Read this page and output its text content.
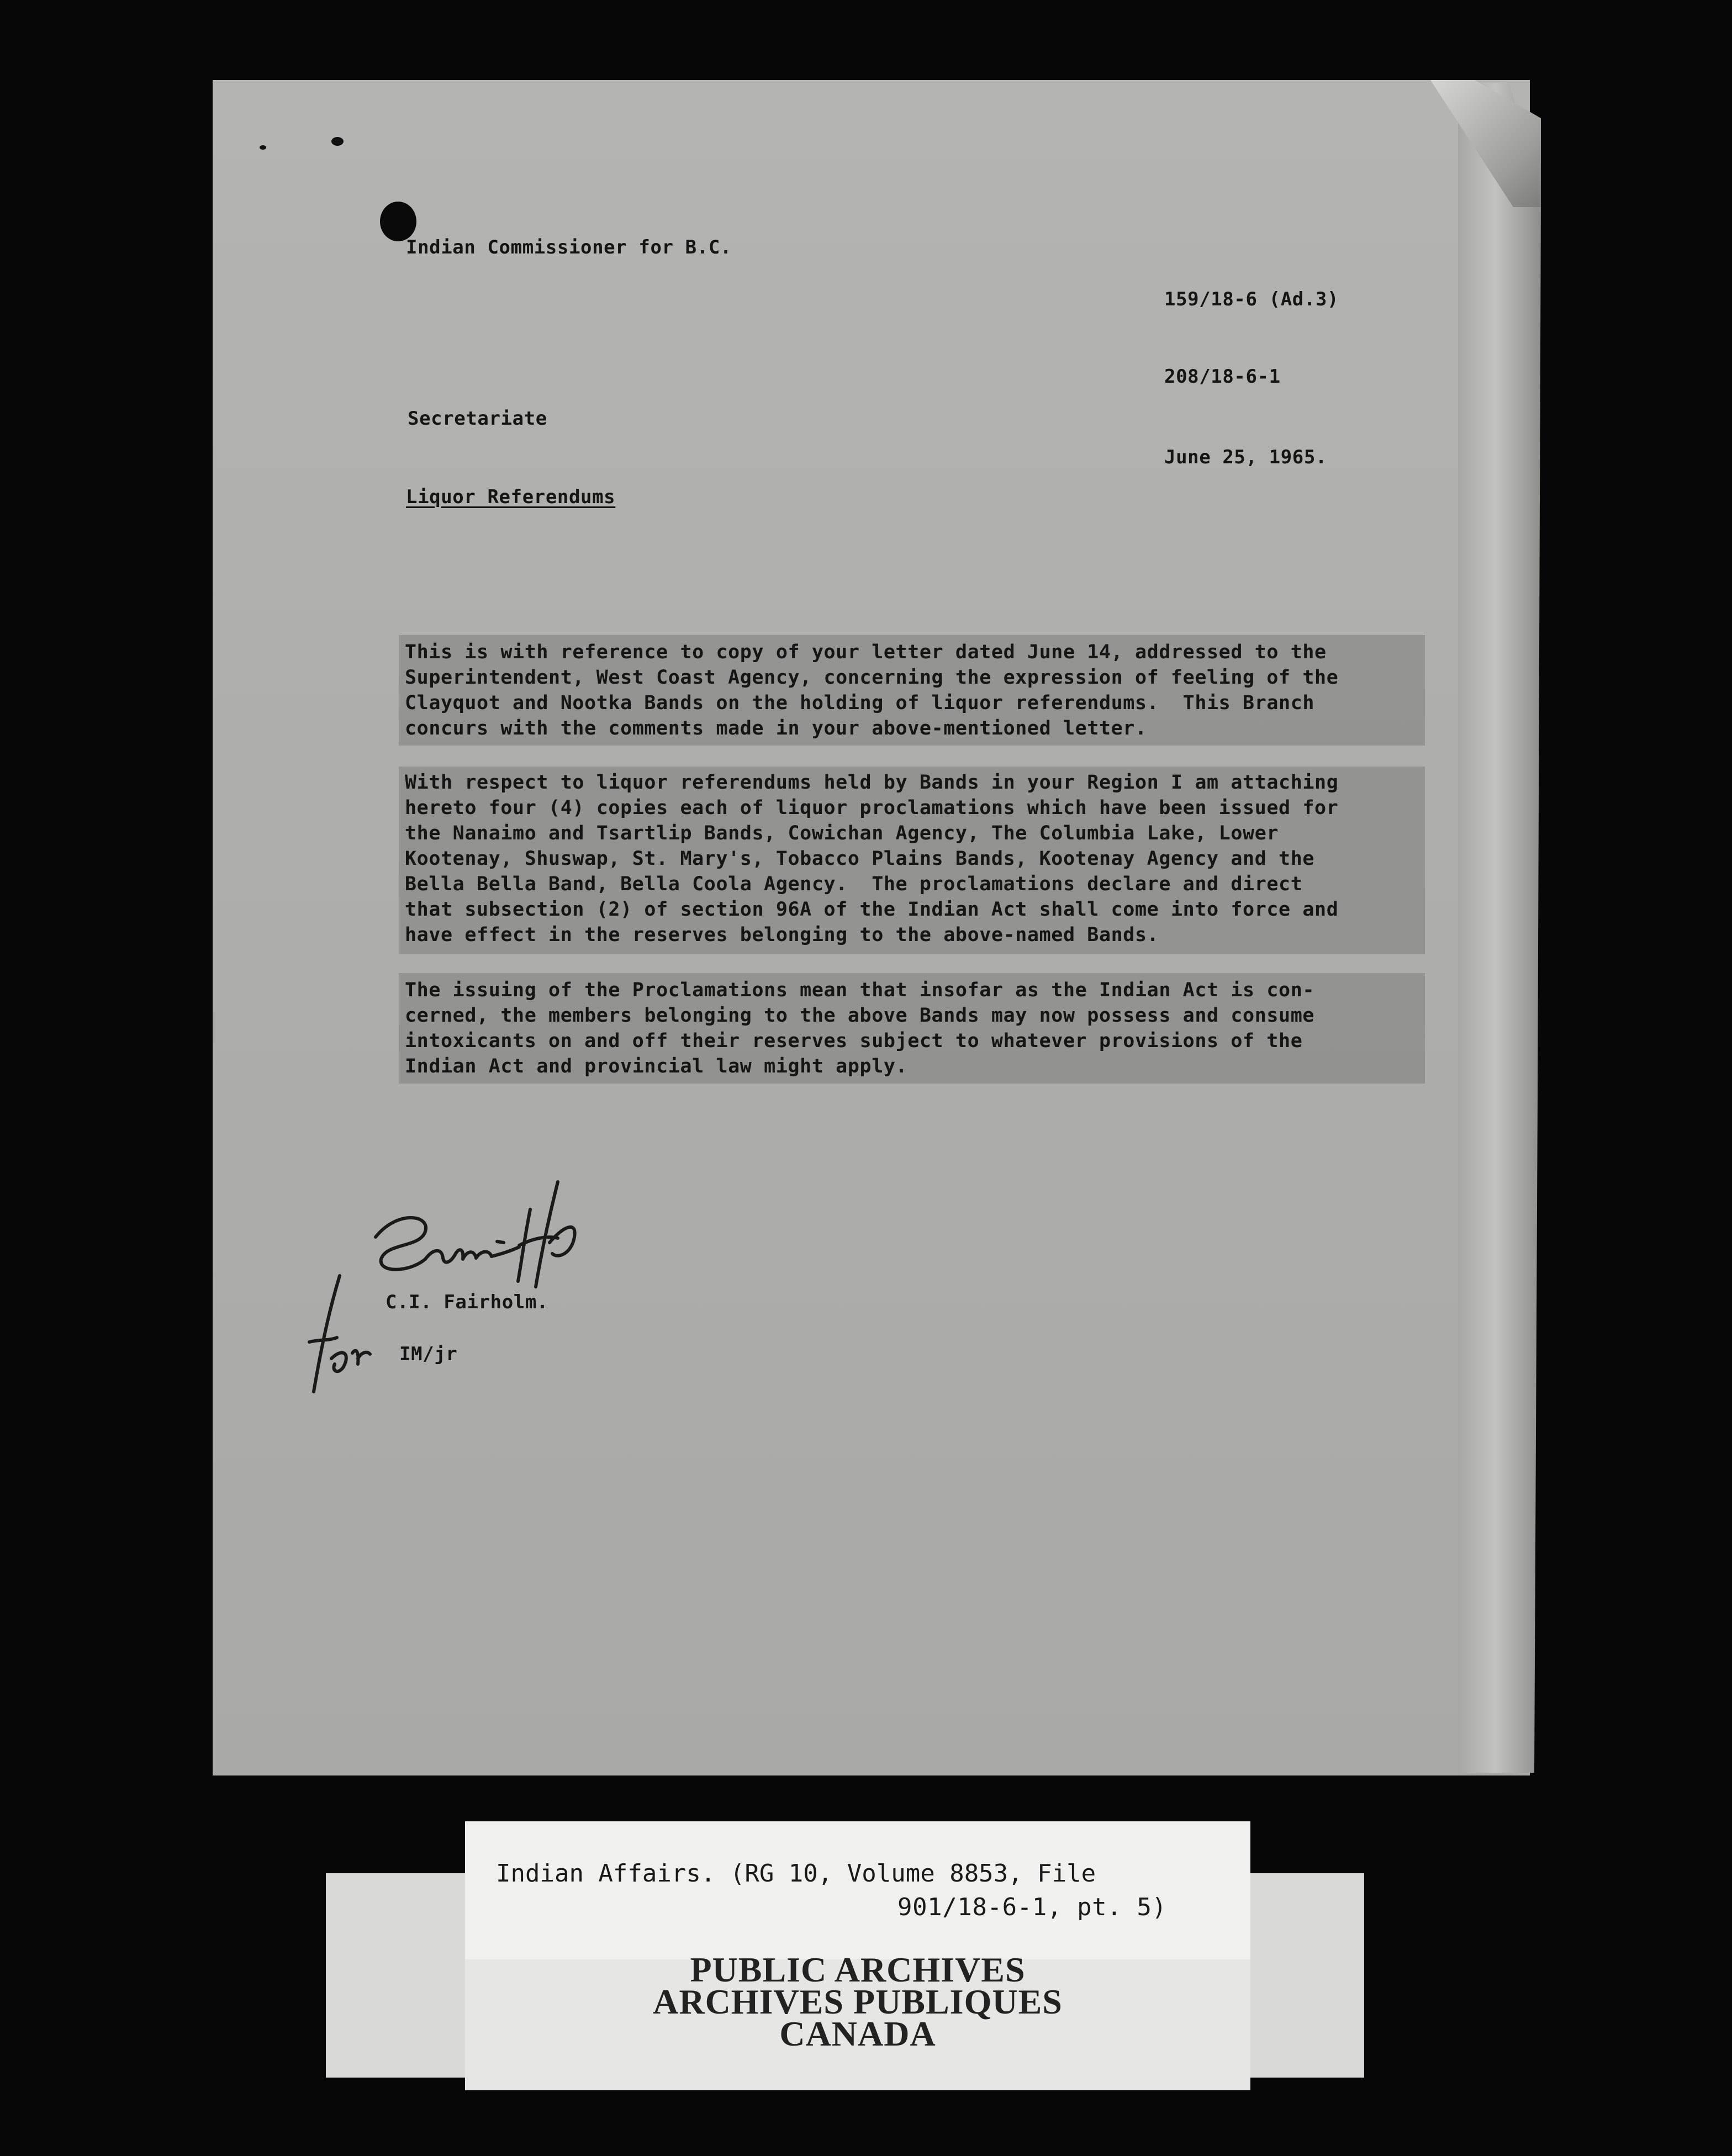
Indian Commissioner for B.C.

159/18-6 (Ad.3)

208/18-6-1

Secretariate

June 25, 1965.

Liquor Referendums

This is with reference to copy of your letter dated June 14, addressed to the

Superintendent, West Coast Agency, concerning the expression of feeling of the

Clayquot and Nootka Bands on the holding of liquor referendums.  This Branch

concurs with the comments made in your above-mentioned letter.

With respect to liquor referendums held by Bands in your Region I am attaching

hereto four (4) copies each of liquor proclamations which have been issued for

the Nanaimo and Tsartlip Bands, Cowichan Agency, The Columbia Lake, Lower

Kootenay, Shuswap, St. Mary's, Tobacco Plains Bands, Kootenay Agency and the

Bella Bella Band, Bella Coola Agency.  The proclamations declare and direct

that subsection (2) of section 96A of the Indian Act shall come into force and

have effect in the reserves belonging to the above-named Bands.

The issuing of the Proclamations mean that insofar as the Indian Act is con-

cerned, the members belonging to the above Bands may now possess and consume

intoxicants on and off their reserves subject to whatever provisions of the

Indian Act and provincial law might apply.

C.I. Fairholm.

IM/jr

Indian Affairs. (RG 10, Volume 8853, File

901/18-6-1, pt. 5)

PUBLIC ARCHIVES

ARCHIVES PUBLIQUES

CANADA
